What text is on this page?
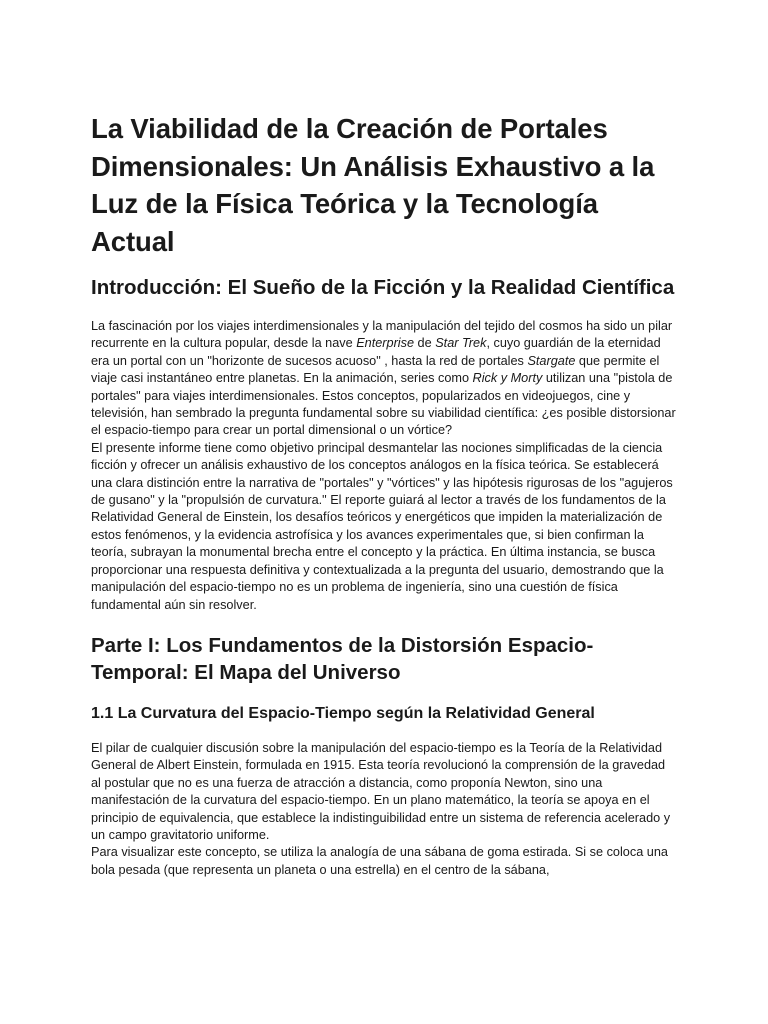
La Viabilidad de la Creación de Portales Dimensionales: Un Análisis Exhaustivo a la Luz de la Física Teórica y la Tecnología Actual
Introducción: El Sueño de la Ficción y la Realidad Científica

La fascinación por los viajes interdimensionales y la manipulación del tejido del cosmos ha sido un pilar recurrente en la cultura popular, desde la nave Enterprise de Star Trek, cuyo guardián de la eternidad era un portal con un "horizonte de sucesos acuoso" , hasta la red de portales Stargate que permite el viaje casi instantáneo entre planetas. En la animación, series como Rick y Morty utilizan una "pistola de portales" para viajes interdimensionales. Estos conceptos, popularizados en videojuegos, cine y televisión, han sembrado la pregunta fundamental sobre su viabilidad científica: ¿es posible distorsionar el espacio-tiempo para crear un portal dimensional o un vórtice?

El presente informe tiene como objetivo principal desmantelar las nociones simplificadas de la ciencia ficción y ofrecer un análisis exhaustivo de los conceptos análogos en la física teórica. Se establecerá una clara distinción entre la narrativa de "portales" y "vórtices" y las hipótesis rigurosas de los "agujeros de gusano" y la "propulsión de curvatura." El reporte guiará al lector a través de los fundamentos de la Relatividad General de Einstein, los desafíos teóricos y energéticos que impiden la materialización de estos fenómenos, y la evidencia astrofísica y los avances experimentales que, si bien confirman la teoría, subrayan la monumental brecha entre el concepto y la práctica. En última instancia, se busca proporcionar una respuesta definitiva y contextualizada a la pregunta del usuario, demostrando que la manipulación del espacio-tiempo no es un problema de ingeniería, sino una cuestión de física fundamental aún sin resolver.

Parte I: Los Fundamentos de la Distorsión Espacio-Temporal: El Mapa del Universo
1.1 La Curvatura del Espacio-Tiempo según la Relatividad General

El pilar de cualquier discusión sobre la manipulación del espacio-tiempo es la Teoría de la Relatividad General de Albert Einstein, formulada en 1915. Esta teoría revolucionó la comprensión de la gravedad al postular que no es una fuerza de atracción a distancia, como proponía Newton, sino una manifestación de la curvatura del espacio-tiempo. En un plano matemático, la teoría se apoya en el principio de equivalencia, que establece la indistinguibilidad entre un sistema de referencia acelerado y un campo gravitatorio uniforme.

Para visualizar este concepto, se utiliza la analogía de una sábana de goma estirada. Si se coloca una bola pesada (que representa un planeta o una estrella) en el centro de la sábana,
